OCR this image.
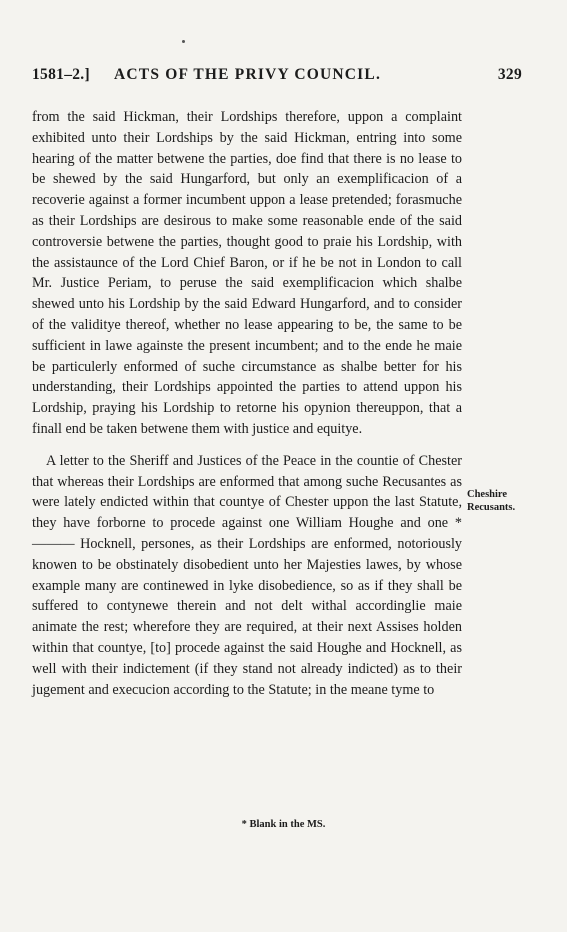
1581–2.] ACTS OF THE PRIVY COUNCIL.	329

from the said Hickman, their Lordships therefore, uppon a complaint exhibited unto their Lordships by the said Hickman, entring into some hearing of the matter betwene the parties, doe find that there is no lease to be shewed by the said Hungarford, but only an exemplificacion of a recoverie against a former incumbent uppon a lease pretended; forasmuche as their Lordships are desirous to make some reasonable ende of the said controversie betwene the parties, thought good to praie his Lordship, with the assistaunce of the Lord Chief Baron, or if he be not in London to call Mr. Justice Periam, to peruse the said exemplificacion which shalbe shewed unto his Lordship by the said Edward Hungarford, and to consider of the validitye thereof, whether no lease appearing to be, the same to be sufficient in lawe againste the present incumbent; and to the ende he maie be particulerly enformed of suche circumstance as shalbe better for his understanding, their Lordships appointed the parties to attend uppon his Lordship, praying his Lordship to retorne his opynion thereuppon, that a finall end be taken betwene them with justice and equitye.

A letter to the Sheriff and Justices of the Peace in the countie of Chester that whereas their Lordships are enformed that among suche Recusantes as were lately endicted within that countye of Chester uppon the last Statute, they have forborne to procede against one William Houghe and one * ——— Hocknell, persones, as their Lordships are enformed, notoriously knowen to be obstinately disobedient unto her Majesties lawes, by whose example many are continewed in lyke disobedience, so as if they shall be suffered to contynewe therein and not delt withal accordinglie maie animate the rest; wherefore they are required, at their next Assises holden within that countye, [to] procede against the said Houghe and Hocknell, as well with their indictement (if they stand not already indicted) as to their jugement and execucion according to the Statute; in the meane tyme to

Cheshire Recusants.
* Blank in the MS.
